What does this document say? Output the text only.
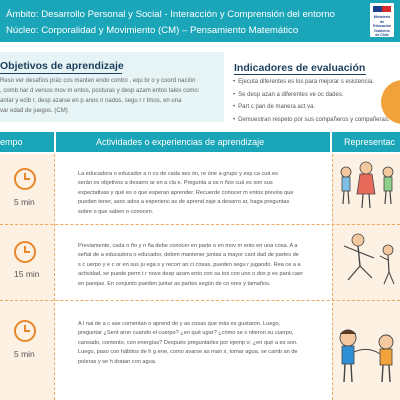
Ámbito: Desarrollo Personal y Social - Interacción y Comprensión del entorno
Núcleo: Corporalidad y Movimiento (CM) – Pensamiento Matemático
Ministerio de Educación Gobierno de Chile
Objetivos de aprendizaje
Reso ver desafíos prác cos manten endo contro , equ br o y coord nación
, comb nar d versos mov m entos, posturas y desp azam entos tales como:
antar y ecib r, desp azarse en p anos n nados, segu r r tmos, en una
var edad de juegos. (CM)
Indicadores de evaluación
• Ejecuta diferentes es los para mejorar s esistencia.
• Se desp azan a diferentes ve oc dades.
• Part c pan de manera act va.
• Demuestran respeto por sus compañeros y compañeras.
empo	Actividades o experiencias de aprendizaje	Representac
5 min
La educadora o educador a n co de cada ses ón, re úne a grupo y exp ca cuá es
serán os objetivos a desarro ar en a cla e. Pregunta a os n ños cuá es son sus
expectativas y qué es o que esperan aprender. Recuerde conocer m entos previos que
pueden tener, asoc ados a experienc as de aprend zaje a desarro ar, haga preguntas
sobre o que saben o conocen.
15 min
Previamente, cada n ño y n ña debe conocer en parte o en mov m ento en una cosa. A a
señal de a educadora o educador, deben mantener juntas a mayor cant dad de partes de
s c uerpo y e c or en sus ju ega s y recorr an ci cosas, pueden segu r jugando. Rea ce a a
actividad, se puede perm t r nove desp azam ento con sa tos con uno o dos p es pará caer
en parejas. En conjunto pueden juntar as partes según de co ores y tamaños.
5 min
A l nal de a c ase comentan o aprend do y as cosas que más es gustaron. Luego,
preguntar ¿Sent aron cuando el cuerpo? ¿en qué ugar? ¿cómo se s ntieron su cuerpo,
cansado, contento, con energías? Después preguntarles por ejemp o: ¿en qué a es son.
Luego, paso con hábitos de h g ene, como avarse as man s, tomar agua, se camb an de
poleras y se h dratan con agua.
